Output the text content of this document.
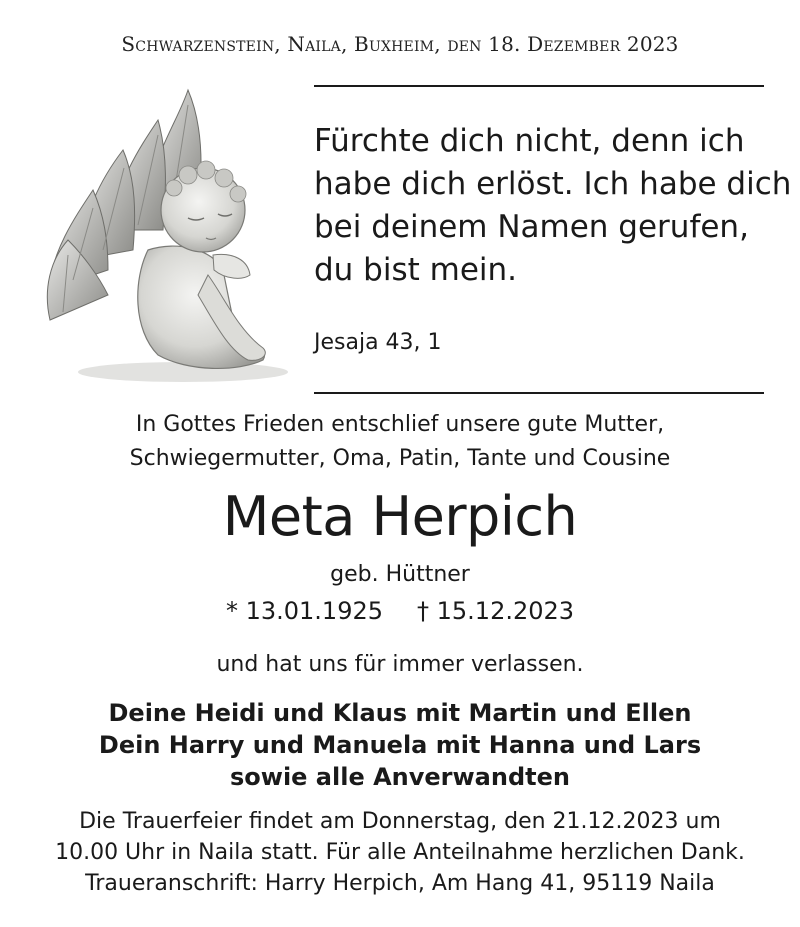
Schwarzenstein, Naila, Buxheim, den 18. Dezember 2023
Fürchte dich nicht, denn ich
habe dich erlöst. Ich habe dich
bei deinem Namen gerufen,
du bist mein.
Jesaja 43, 1
In Gottes Frieden entschlief unsere gute Mutter,
Schwiegermutter, Oma, Patin, Tante und Cousine
Meta Herpich
geb. Hüttner
* 13.01.1925 † 15.12.2023
und hat uns für immer verlassen.
Deine Heidi und Klaus mit Martin und Ellen
Dein Harry und Manuela mit Hanna und Lars
sowie alle Anverwandten
Die Trauerfeier findet am Donnerstag, den 21.12.2023 um
10.00 Uhr in Naila statt. Für alle Anteilnahme herzlichen Dank.
Traueranschrift: Harry Herpich, Am Hang 41, 95119 Naila
